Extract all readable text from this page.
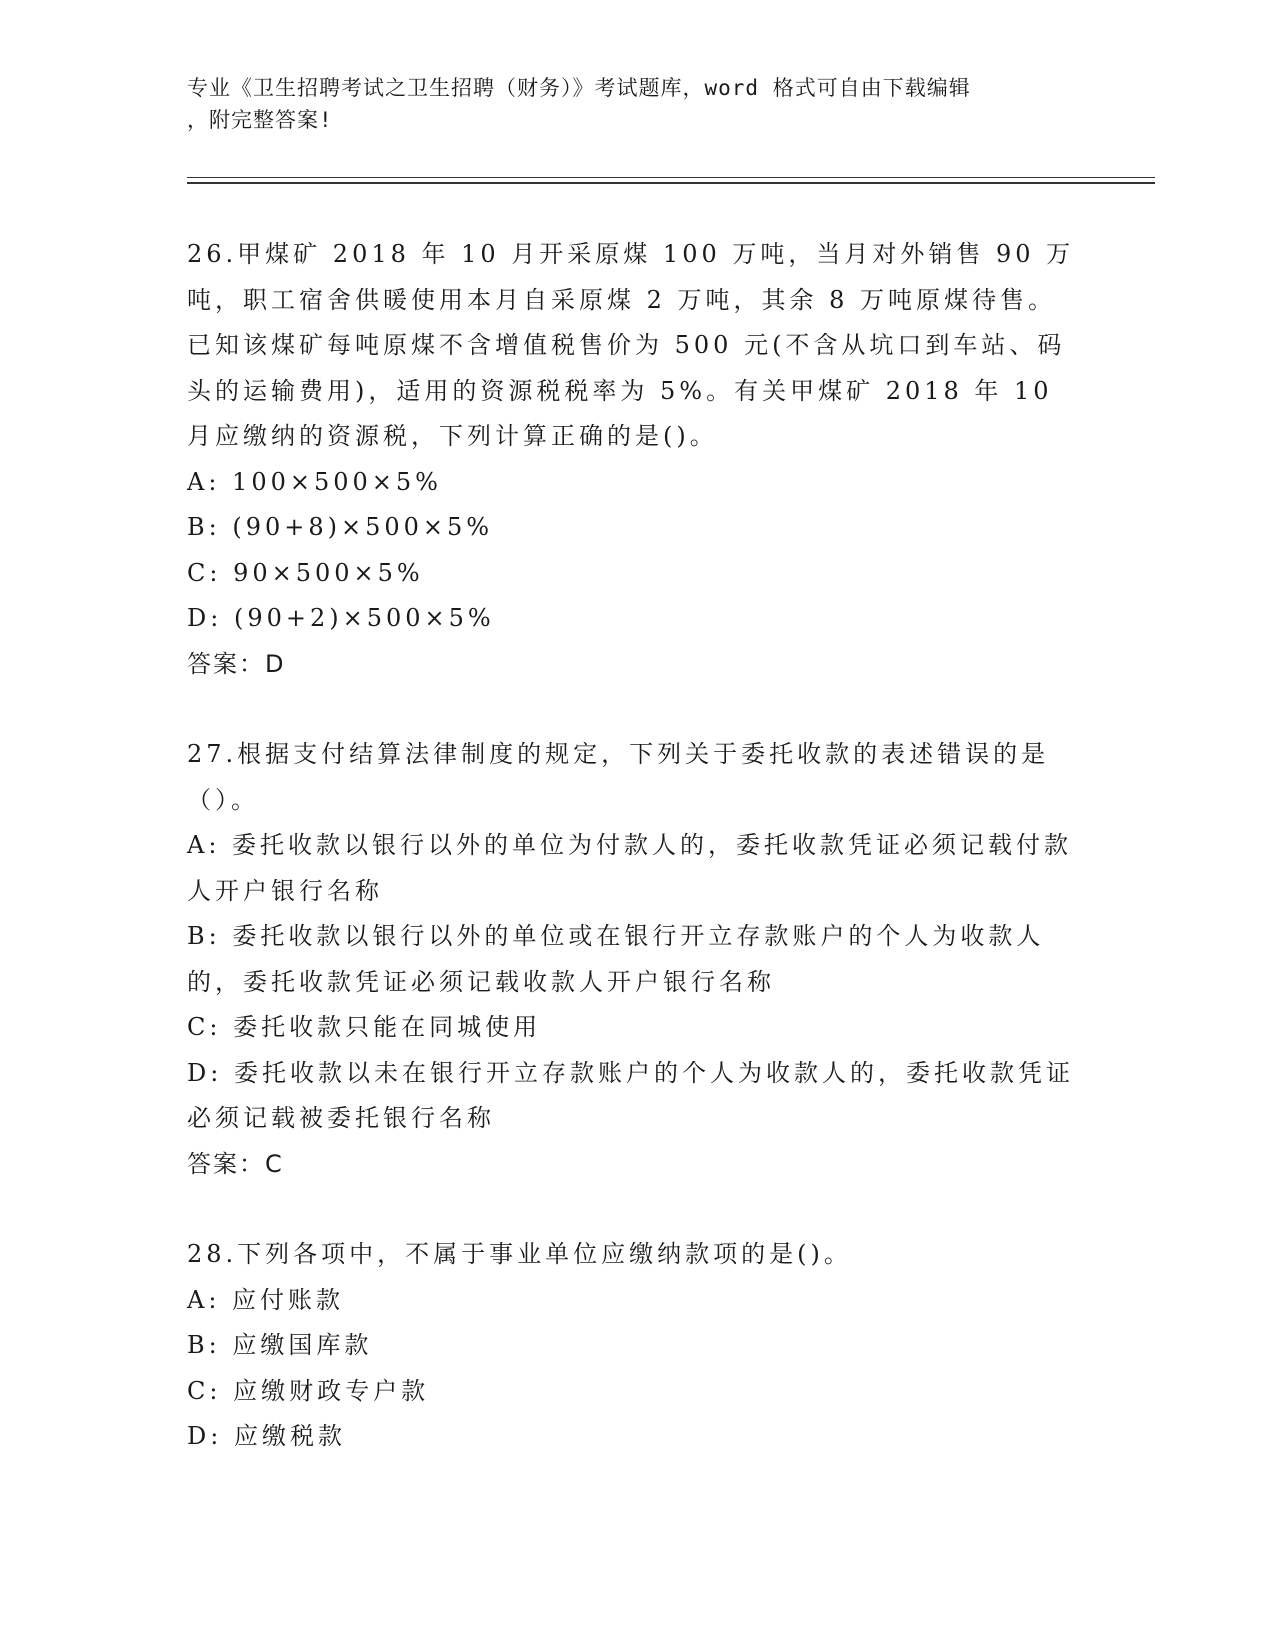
专业《卫生招聘考试之卫生招聘（财务）》考试题库，word 格式可自由下载编辑

，附完整答案!

26.甲煤矿 2018 年 10 月开采原煤 100 万吨，当月对外销售 90 万吨，职工宿舍供暖使用本月自采原煤 2 万吨，其余 8 万吨原煤待售。已知该煤矿每吨原煤不含增值税售价为 500 元(不含从坑口到车站、码头的运输费用)，适用的资源税税率为 5%。有关甲煤矿 2018 年 10 月应缴纳的资源税，下列计算正确的是()。

A: 100×500×5%

B: (90+8)×500×5%

C: 90×500×5%

D: (90+2)×500×5%

答案：D

27.根据支付结算法律制度的规定，下列关于委托收款的表述错误的是（）。

A: 委托收款以银行以外的单位为付款人的，委托收款凭证必须记载付款人开户银行名称

B: 委托收款以银行以外的单位或在银行开立存款账户的个人为收款人的，委托收款凭证必须记载收款人开户银行名称

C: 委托收款只能在同城使用

D: 委托收款以未在银行开立存款账户的个人为收款人的，委托收款凭证必须记载被委托银行名称

答案：C

28.下列各项中，不属于事业单位应缴纳款项的是()。

A: 应付账款

B: 应缴国库款

C: 应缴财政专户款

D: 应缴税款
